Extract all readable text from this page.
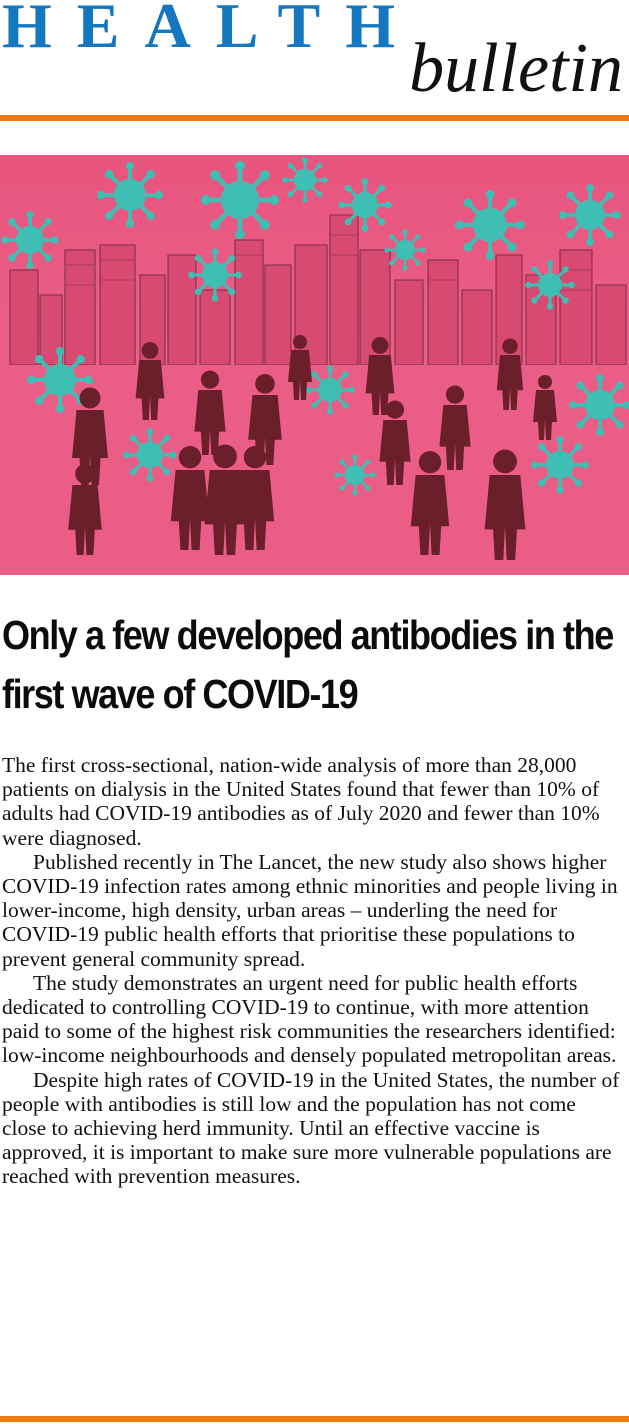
HEALTH
bulletin
Only a few developed antibodies in the first wave of COVID-19

The first cross-sectional, nation-wide analysis of more than 28,000 patients on dialysis in the United States found that fewer than 10% of adults had COVID-19 antibodies as of July 2020 and fewer than 10% were diagnosed.

Published recently in The Lancet, the new study also shows higher COVID-19 infection rates among ethnic minorities and people living in lower-income, high density, urban areas – underling the need for COVID-19 public health efforts that prioritise these populations to prevent general community spread.

The study demonstrates an urgent need for public health efforts dedicated to controlling COVID-19 to continue, with more attention paid to some of the highest risk communities the researchers identified: low-income neighbourhoods and densely populated metropolitan areas.

Despite high rates of COVID-19 in the United States, the number of people with antibodies is still low and the population has not come close to achieving herd immunity. Until an effective vaccine is approved, it is important to make sure more vulnerable populations are reached with prevention measures.
